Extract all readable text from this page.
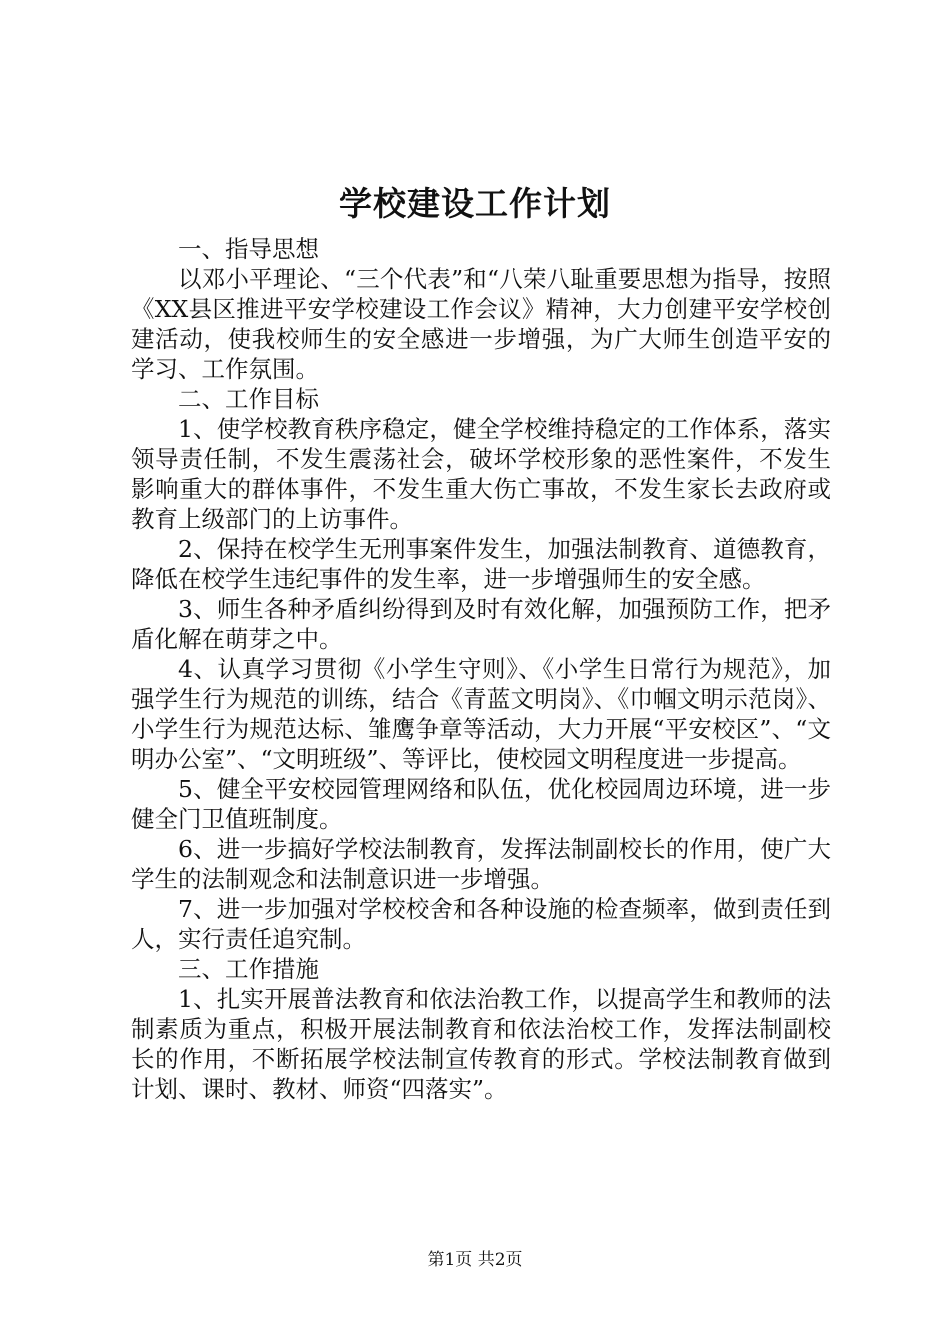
学校建设工作计划

一、指导思想

以邓小平理论、“三个代表”和“八荣八耻重要思想为指导，按照《XX县区推进平安学校建设工作会议》精神，大力创建平安学校创建活动，使我校师生的安全感进一步增强，为广大师生创造平安的学习、工作氛围。

二、工作目标

1、使学校教育秩序稳定，健全学校维持稳定的工作体系，落实领导责任制，不发生震荡社会，破坏学校形象的恶性案件，不发生影响重大的群体事件，不发生重大伤亡事故，不发生家长去政府或教育上级部门的上访事件。

2、保持在校学生无刑事案件发生，加强法制教育、道德教育，降低在校学生违纪事件的发生率，进一步增强师生的安全感。

3、师生各种矛盾纠纷得到及时有效化解，加强预防工作，把矛盾化解在萌芽之中。

4、认真学习贯彻《小学生守则》、《小学生日常行为规范》，加强学生行为规范的训练，结合《青蓝文明岗》、《巾帼文明示范岗》、小学生行为规范达标、雏鹰争章等活动，大力开展“平安校区”、“文明办公室”、“文明班级”、等评比，使校园文明程度进一步提高。

5、健全平安校园管理网络和队伍，优化校园周边环境，进一步健全门卫值班制度。

6、进一步搞好学校法制教育，发挥法制副校长的作用，使广大学生的法制观念和法制意识进一步增强。

7、进一步加强对学校校舍和各种设施的检查频率，做到责任到人，实行责任追究制。

三、工作措施

1、扎实开展普法教育和依法治教工作，以提高学生和教师的法制素质为重点，积极开展法制教育和依法治校工作，发挥法制副校长的作用，不断拓展学校法制宣传教育的形式。学校法制教育做到计划、课时、教材、师资“四落实”。

第1页 共2页
